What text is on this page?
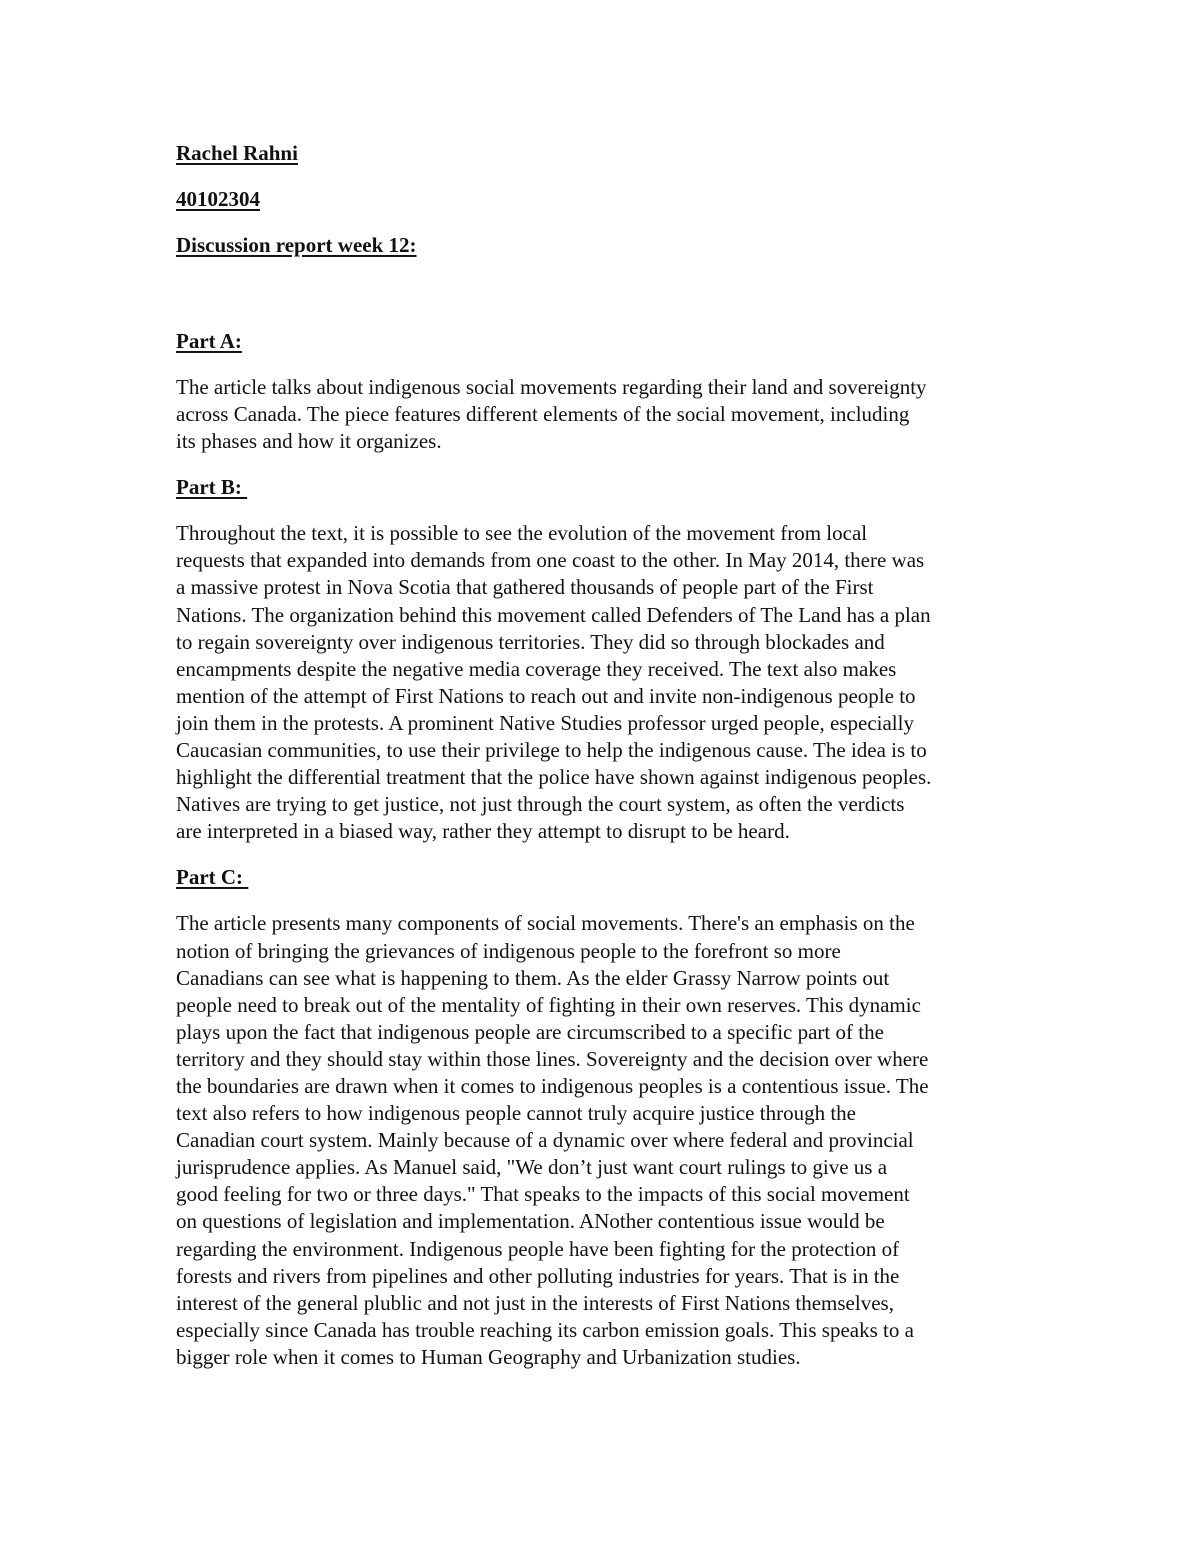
Rachel Rahni

40102304

Discussion report week 12:

Part A:

The article talks about indigenous social movements regarding their land and sovereignty
across Canada. The piece features different elements of the social movement, including
its phases and how it organizes.

Part B:

Throughout the text, it is possible to see the evolution of the movement from local
requests that expanded into demands from one coast to the other. In May 2014, there was
a massive protest in Nova Scotia that gathered thousands of people part of the First
Nations. The organization behind this movement called Defenders of The Land has a plan
to regain sovereignty over indigenous territories. They did so through blockades and
encampments despite the negative media coverage they received. The text also makes
mention of the attempt of First Nations to reach out and invite non-indigenous people to
join them in the protests. A prominent Native Studies professor urged people, especially
Caucasian communities, to use their privilege to help the indigenous cause. The idea is to
highlight the differential treatment that the police have shown against indigenous peoples.
Natives are trying to get justice, not just through the court system, as often the verdicts
are interpreted in a biased way, rather they attempt to disrupt to be heard.

Part C:

The article presents many components of social movements. There's an emphasis on the
notion of bringing the grievances of indigenous people to the forefront so more
Canadians can see what is happening to them. As the elder Grassy Narrow points out
people need to break out of the mentality of fighting in their own reserves. This dynamic
plays upon the fact that indigenous people are circumscribed to a specific part of the
territory and they should stay within those lines. Sovereignty and the decision over where
the boundaries are drawn when it comes to indigenous peoples is a contentious issue. The
text also refers to how indigenous people cannot truly acquire justice through the
Canadian court system. Mainly because of a dynamic over where federal and provincial
jurisprudence applies. As Manuel said, "We don’t just want court rulings to give us a
good feeling for two or three days." That speaks to the impacts of this social movement
on questions of legislation and implementation. ANother contentious issue would be
regarding the environment. Indigenous people have been fighting for the protection of
forests and rivers from pipelines and other polluting industries for years. That is in the
interest of the general plublic and not just in the interests of First Nations themselves,
especially since Canada has trouble reaching its carbon emission goals. This speaks to a
bigger role when it comes to Human Geography and Urbanization studies.
